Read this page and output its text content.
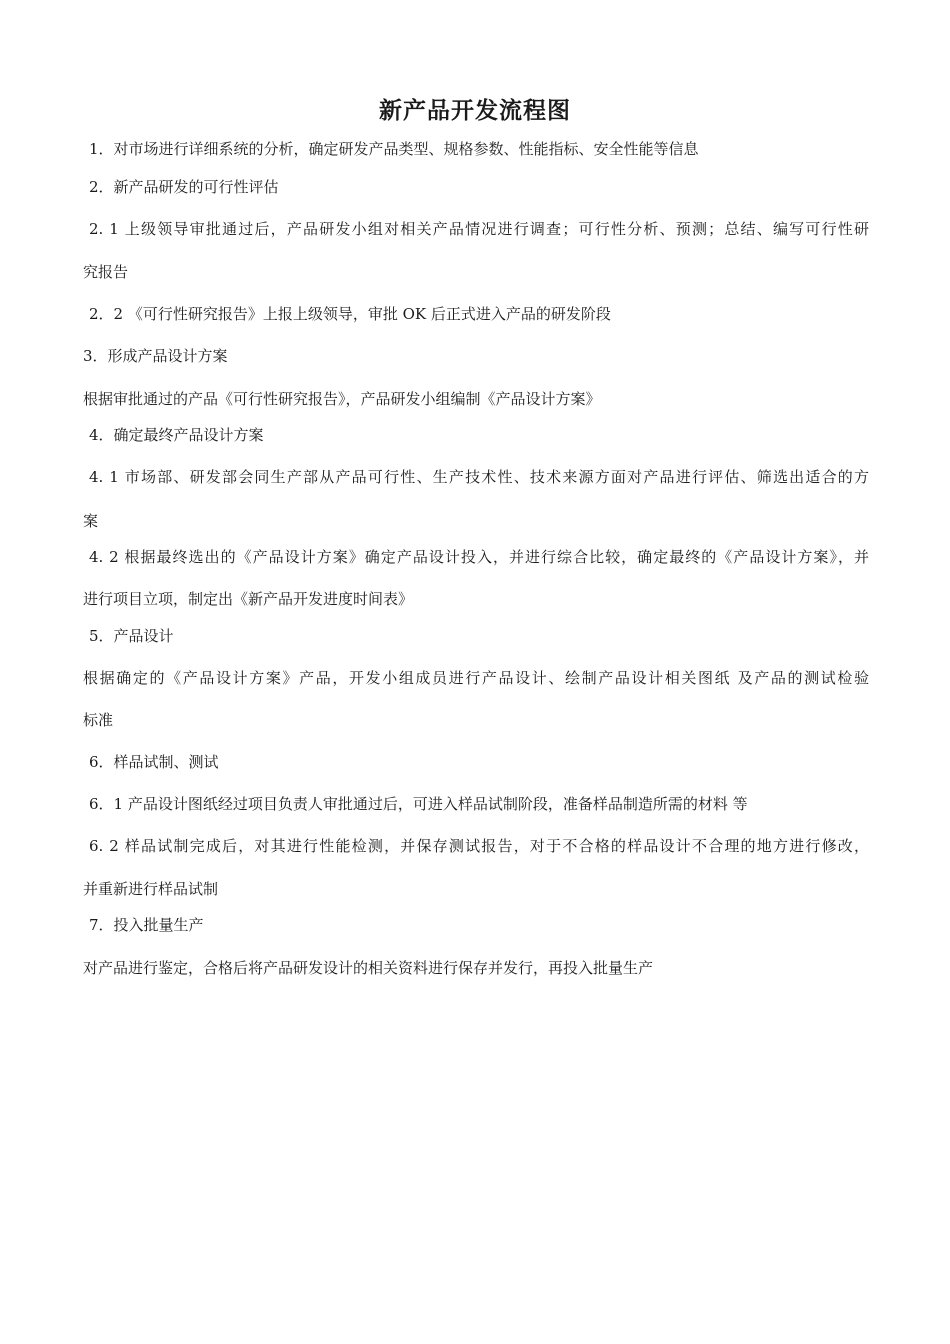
新产品开发流程图

1．对市场进行详细系统的分析，确定研发产品类型、规格参数、性能指标、安全性能等信息

2．新产品研发的可行性评估

2. 1 上级领导审批通过后，产品研发小组对相关产品情况进行调查；可行性分析、预测；总结、编写可行性研

究报告

2．2 《可行性研究报告》上报上级领导，审批 OK 后正式进入产品的研发阶段

3．形成产品设计方案

根据审批通过的产品《可行性研究报告》，产品研发小组编制《产品设计方案》

4．确定最终产品设计方案

4. 1 市场部、研发部会同生产部从产品可行性、生产技术性、技术来源方面对产品进行评估、筛选出适合的方

案

4. 2 根据最终选出的《产品设计方案》确定产品设计投入，并进行综合比较，确定最终的《产品设计方案》，并

进行项目立项，制定出《新产品开发进度时间表》

5．产品设计

根据确定的《产品设计方案》产品，开发小组成员进行产品设计、绘制产品设计相关图纸 及产品的测试检验

标准

6．样品试制、测试

6．1 产品设计图纸经过项目负责人审批通过后，可进入样品试制阶段，准备样品制造所需的材料 等

6. 2 样品试制完成后，对其进行性能检测，并保存测试报告，对于不合格的样品设计不合理的地方进行修改，

并重新进行样品试制

7．投入批量生产

对产品进行鉴定，合格后将产品研发设计的相关资料进行保存并发行，再投入批量生产
